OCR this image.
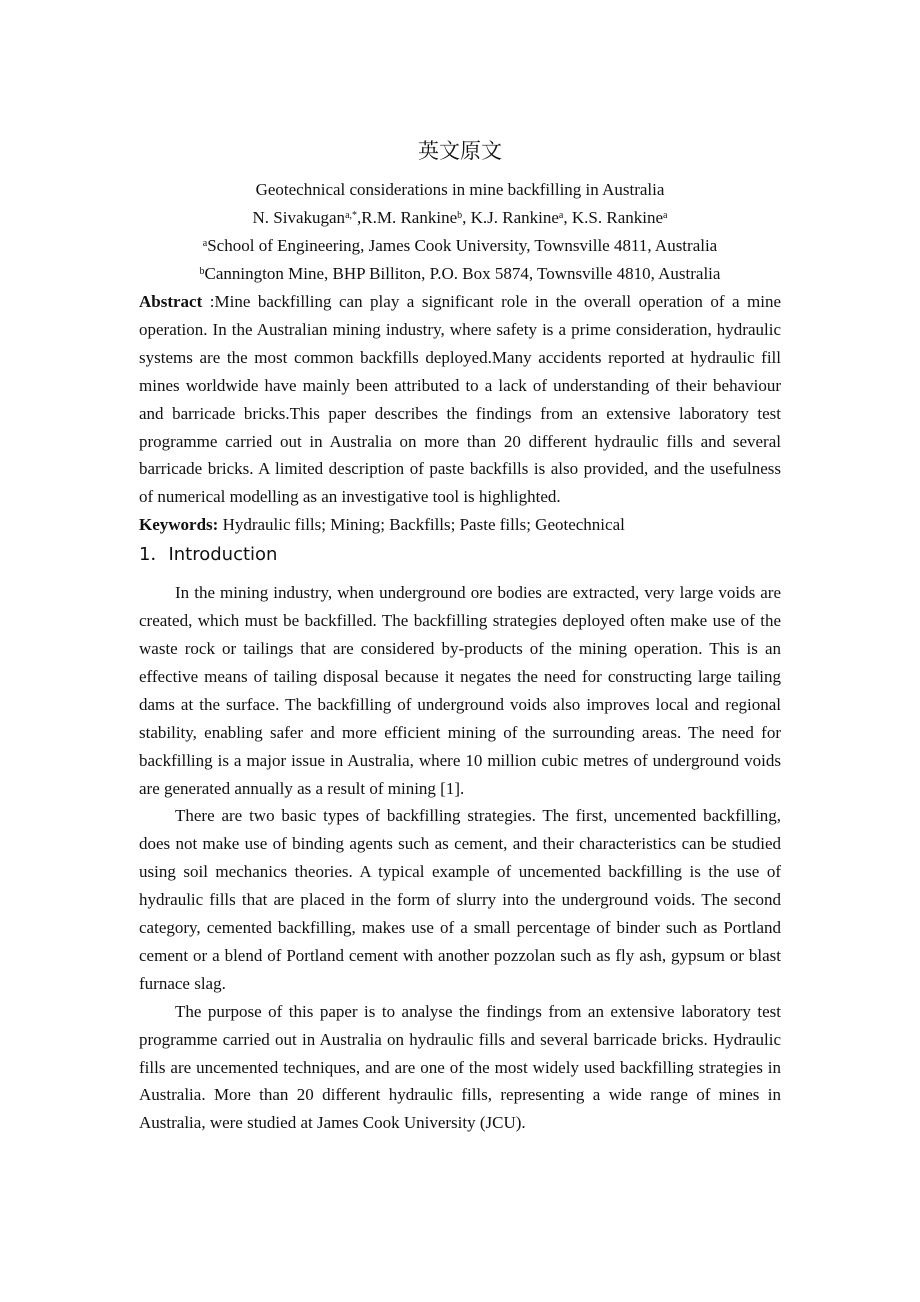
英文原文

Geotechnical considerations in mine backfilling in Australia

N. Sivakugan$^{a,*}$,R.M. Rankine$^b$, K.J. Rankine$^a$, K.S. Rankine$^a$

$^a$School of Engineering, James Cook University, Townsville 4811, Australia

$^b$Cannington Mine, BHP Billiton, P.O. Box 5874, Townsville 4810, Australia

Abstract :Mine backfilling can play a significant role in the overall operation of a mine operation. In the Australian mining industry, where safety is a prime consideration, hydraulic systems are the most common backfills deployed.Many accidents reported at hydraulic fill mines worldwide have mainly been attributed to a lack of understanding of their behaviour and barricade bricks.This paper describes the findings from an extensive laboratory test programme carried out in Australia on more than 20 different hydraulic fills and several barricade bricks. A limited description of paste backfills is also provided, and the usefulness of numerical modelling as an investigative tool is highlighted.

Keywords: Hydraulic fills; Mining; Backfills; Paste fills; Geotechnical

1．Introduction

In the mining industry, when underground ore bodies are extracted, very large voids are created, which must be backfilled. The backfilling strategies deployed often make use of the waste rock or tailings that are considered by-products of the mining operation. This is an effective means of tailing disposal because it negates the need for constructing large tailing dams at the surface. The backfilling of underground voids also improves local and regional stability, enabling safer and more efficient mining of the surrounding areas. The need for backfilling is a major issue in Australia, where 10 million cubic metres of underground voids are generated annually as a result of mining [1].

There are two basic types of backfilling strategies. The first, uncemented backfilling, does not make use of binding agents such as cement, and their characteristics can be studied using soil mechanics theories. A typical example of uncemented backfilling is the use of hydraulic fills that are placed in the form of slurry into the underground voids. The second category, cemented backfilling, makes use of a small percentage of binder such as Portland cement or a blend of Portland cement with another pozzolan such as fly ash, gypsum or blast furnace slag.

The purpose of this paper is to analyse the findings from an extensive laboratory test programme carried out in Australia on hydraulic fills and several barricade bricks. Hydraulic fills are uncemented techniques, and are one of the most widely used backfilling strategies in Australia. More than 20 different hydraulic fills, representing a wide range of mines in Australia, were studied at James Cook University (JCU).
